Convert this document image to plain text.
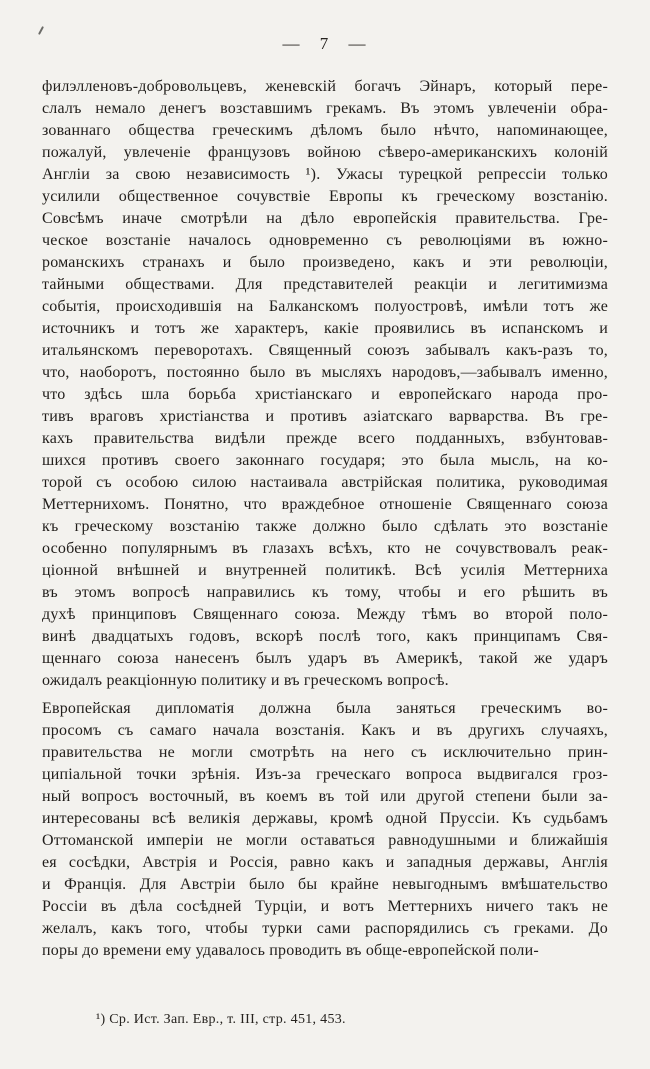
— 7 —
филэлленовъ-добровольцевъ, женевскій богачъ Эйнаръ, который пере-
слалъ немало денегъ возставшимъ грекамъ. Въ этомъ увлеченіи обра-
зованнаго общества греческимъ дѣломъ было нѣчто, напоминающее,
пожалуй, увлеченіе французовъ войною сѣверо-американскихъ колоній
Англіи за свою независимость ¹). Ужасы турецкой репрессіи только
усилили общественное сочувствіе Европы къ греческому возстанію.
Совсѣмъ иначе смотрѣли на дѣло европейскія правительства. Гре-
ческое возстаніе началось одновременно съ революціями въ южно-
романскихъ странахъ и было произведено, какъ и эти революціи,
тайными обществами. Для представителей реакціи и легитимизма
событія, происходившія на Балканскомъ полуостровѣ, имѣли тотъ же
источникъ и тотъ же характеръ, какіе проявились въ испанскомъ и
итальянскомъ переворотахъ. Священный союзъ забывалъ какъ-разъ то,
что, наоборотъ, постоянно было въ мысляхъ народовъ,—забывалъ именно,
что здѣсь шла борьба христіанскаго и европейскаго народа про-
тивъ враговъ христіанства и противъ азіатскаго варварства. Въ гре-
кахъ правительства видѣли прежде всего подданныхъ, взбунтовав-
шихся противъ своего законнаго государя; это была мысль, на ко-
торой съ особою силою настаивала австрійская политика, руководимая
Меттернихомъ. Понятно, что враждебное отношеніе Священнаго союза
къ греческому возстанію также должно было сдѣлать это возстаніе
особенно популярнымъ въ глазахъ всѣхъ, кто не сочувствовалъ реак-
ціонной внѣшней и внутренней политикѣ. Всѣ усилія Меттерниха
въ этомъ вопросѣ направились къ тому, чтобы и его рѣшить въ
духѣ принциповъ Священнаго союза. Между тѣмъ во второй поло-
винѣ двадцатыхъ годовъ, вскорѣ послѣ того, какъ принципамъ Свя-
щеннаго союза нанесенъ былъ ударъ въ Америкѣ, такой же ударъ
ожидалъ реакціонную политику и въ греческомъ вопросѣ.
Европейская дипломатія должна была заняться греческимъ во-
просомъ съ самаго начала возстанія. Какъ и въ другихъ случаяхъ,
правительства не могли смотрѣть на него съ исключительно прин-
ципіальной точки зрѣнія. Изъ-за греческаго вопроса выдвигался гроз-
ный вопросъ восточный, въ коемъ въ той или другой степени были за-
интересованы всѣ великія державы, кромѣ одной Пруссіи. Къ судьбамъ
Оттоманской имперіи не могли оставаться равнодушными и ближайшія
ея сосѣдки, Австрія и Россія, равно какъ и западныя державы, Англія
и Франція. Для Австріи было бы крайне невыгоднымъ вмѣшательство
Россіи въ дѣла сосѣдней Турціи, и вотъ Меттернихъ ничего такъ не
желалъ, какъ того, чтобы турки сами распорядились съ греками. До
поры до времени ему удавалось проводить въ обще-европейской поли-
¹) Ср. Ист. Зап. Евр., т. III, стр. 451, 453.
